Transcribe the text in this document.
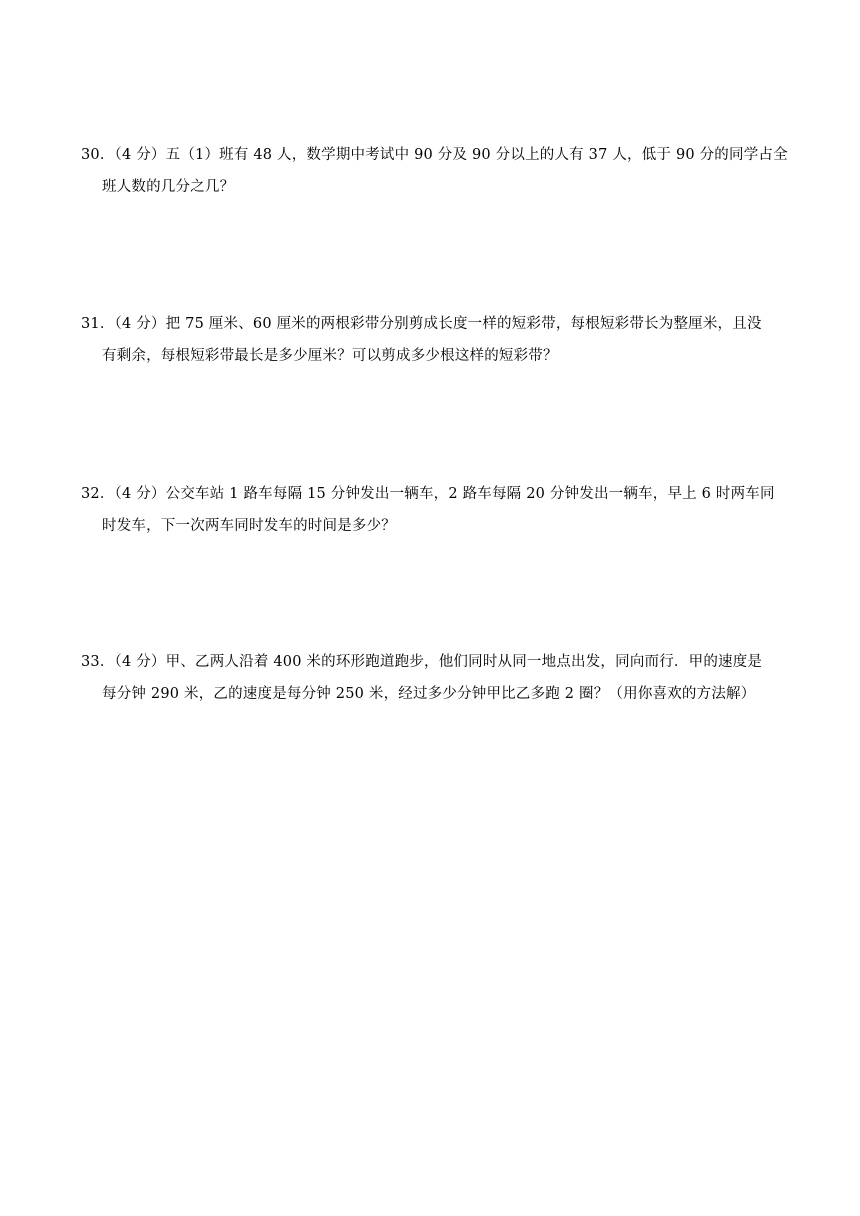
30．（4 分）五（1）班有 48 人，数学期中考试中 90 分及 90 分以上的人有 37 人，低于 90 分的同学占全
班人数的几分之几？
31．（4 分）把 75 厘米、60 厘米的两根彩带分别剪成长度一样的短彩带，每根短彩带长为整厘米，且没
有剩余，每根短彩带最长是多少厘米？可以剪成多少根这样的短彩带？
32．（4 分）公交车站 1 路车每隔 15 分钟发出一辆车，2 路车每隔 20 分钟发出一辆车，早上 6 时两车同
时发车，下一次两车同时发车的时间是多少？
33．（4 分）甲、乙两人沿着 400 米的环形跑道跑步，他们同时从同一地点出发，同向而行．甲的速度是
每分钟 290 米，乙的速度是每分钟 250 米，经过多少分钟甲比乙多跑 2 圈？（用你喜欢的方法解）
